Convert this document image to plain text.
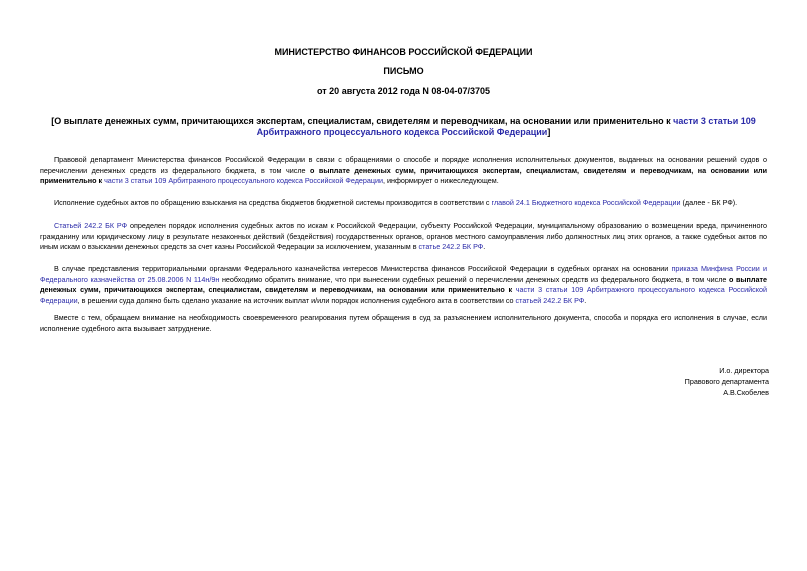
МИНИСТЕРСТВО ФИНАНСОВ РОССИЙСКОЙ ФЕДЕРАЦИИ
ПИСЬМО
от 20 августа 2012 года N 08-04-07/3705
[О выплате денежных сумм, причитающихся экспертам, специалистам, свидетелям и переводчикам, на основании или применительно к части 3 статьи 109 Арбитражного процессуального кодекса Российской Федерации]

Правовой департамент Министерства финансов Российской Федерации в связи с обращениями о способе и порядке исполнения исполнительных документов, выданных на основании решений судов о перечислении денежных средств из федерального бюджета, в том числе о выплате денежных сумм, причитающихся экспертам, специалистам, свидетелям и переводчикам, на основании или применительно к части 3 статьи 109 Арбитражного процессуального кодекса Российской Федерации, информирует о нижеследующем.

Исполнение судебных актов по обращению взыскания на средства бюджетов бюджетной системы производится в соответствии с главой 24.1 Бюджетного кодекса Российской Федерации (далее - БК РФ).

Статьей 242.2 БК РФ определен порядок исполнения судебных актов по искам к Российской Федерации, субъекту Российской Федерации, муниципальному образованию о возмещении вреда, причиненного гражданину или юридическому лицу в результате незаконных действий (бездействия) государственных органов, органов местного самоуправления либо должностных лиц этих органов, а также судебных актов по иным искам о взыскании денежных средств за счет казны Российской Федерации за исключением, указанным в статье 242.2 БК РФ.

В случае представления территориальными органами Федерального казначейства интересов Министерства финансов Российской Федерации в судебных органах на основании приказа Минфина России и Федерального казначейства от 25.08.2006 N 114н/9н необходимо обратить внимание, что при вынесении судебных решений о перечислении денежных средств из федерального бюджета, в том числе о выплате денежных сумм, причитающихся экспертам, специалистам, свидетелям и переводчикам, на основании или применительно к части 3 статьи 109 Арбитражного процессуального кодекса Российской Федерации, в решении суда должно быть сделано указание на источник выплат и/или порядок исполнения судебного акта в соответствии со статьей 242.2 БК РФ.

Вместе с тем, обращаем внимание на необходимость своевременного реагирования путем обращения в суд за разъяснением исполнительного документа, способа и порядка его исполнения в случае, если исполнение судебного акта вызывает затруднение.

И.о. директора
Правового департамента
А.В.Скобелев
